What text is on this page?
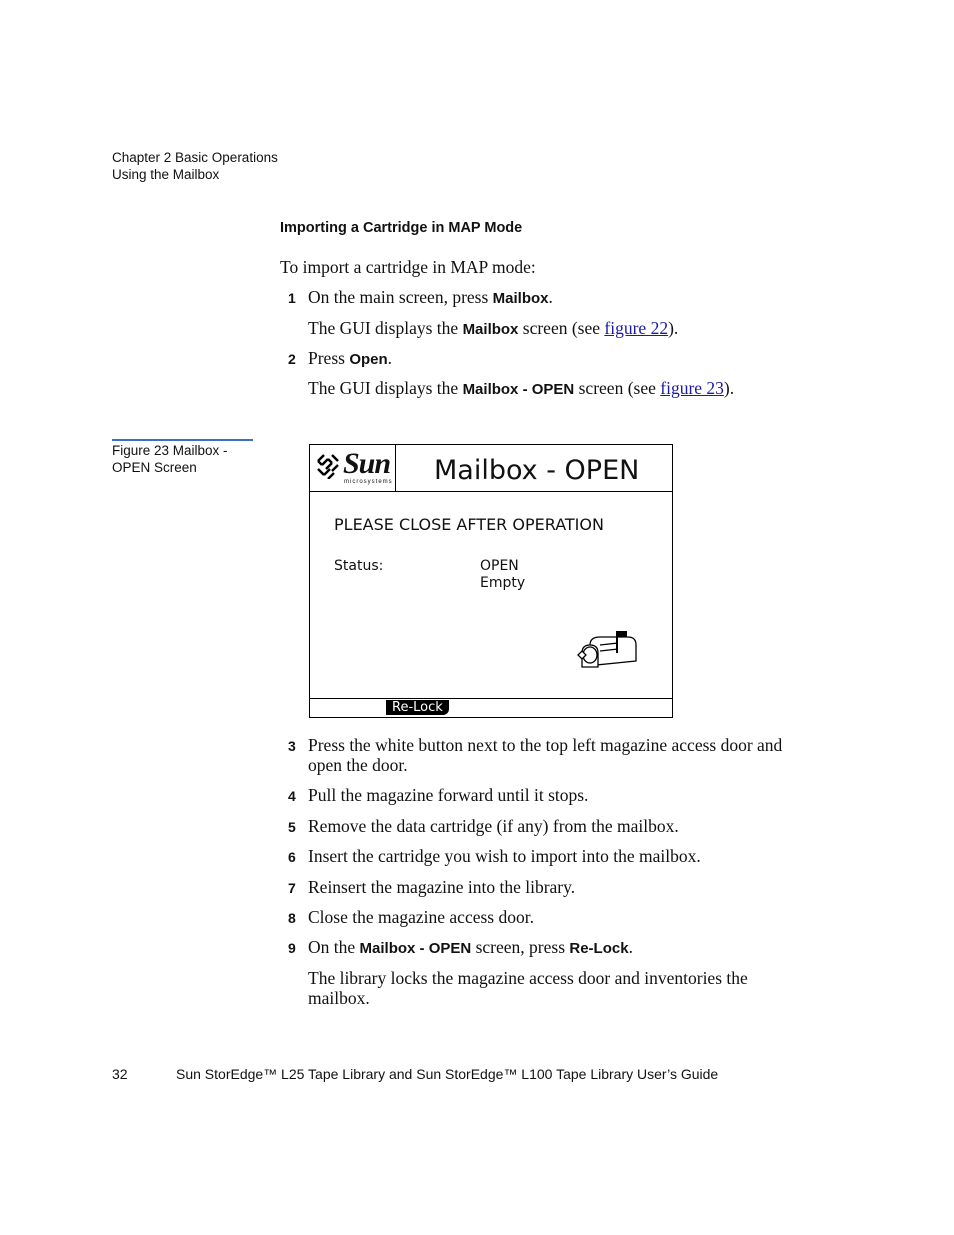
Chapter 2 Basic Operations
Using the Mailbox
Importing a Cartridge in MAP Mode
To import a cartridge in MAP mode:
1 On the main screen, press Mailbox.
The GUI displays the Mailbox screen (see figure 22).
2 Press Open.
The GUI displays the Mailbox - OPEN screen (see figure 23).
Figure 23 Mailbox - OPEN Screen	Sun
microsystems Mailbox - OPEN
PLEASE CLOSE AFTER OPERATION
Status:	OPEN
Empty
Re-Lock
3 Press the white button next to the top left magazine access door and open the door.
4 Pull the magazine forward until it stops.
5 Remove the data cartridge (if any) from the mailbox.
6 Insert the cartridge you wish to import into the mailbox.
7 Reinsert the magazine into the library.
8 Close the magazine access door.
9 On the Mailbox - OPEN screen, press Re-Lock.
The library locks the magazine access door and inventories the mailbox.
32	Sun StorEdge™ L25 Tape Library and Sun StorEdge™ L100 Tape Library User’s Guide
